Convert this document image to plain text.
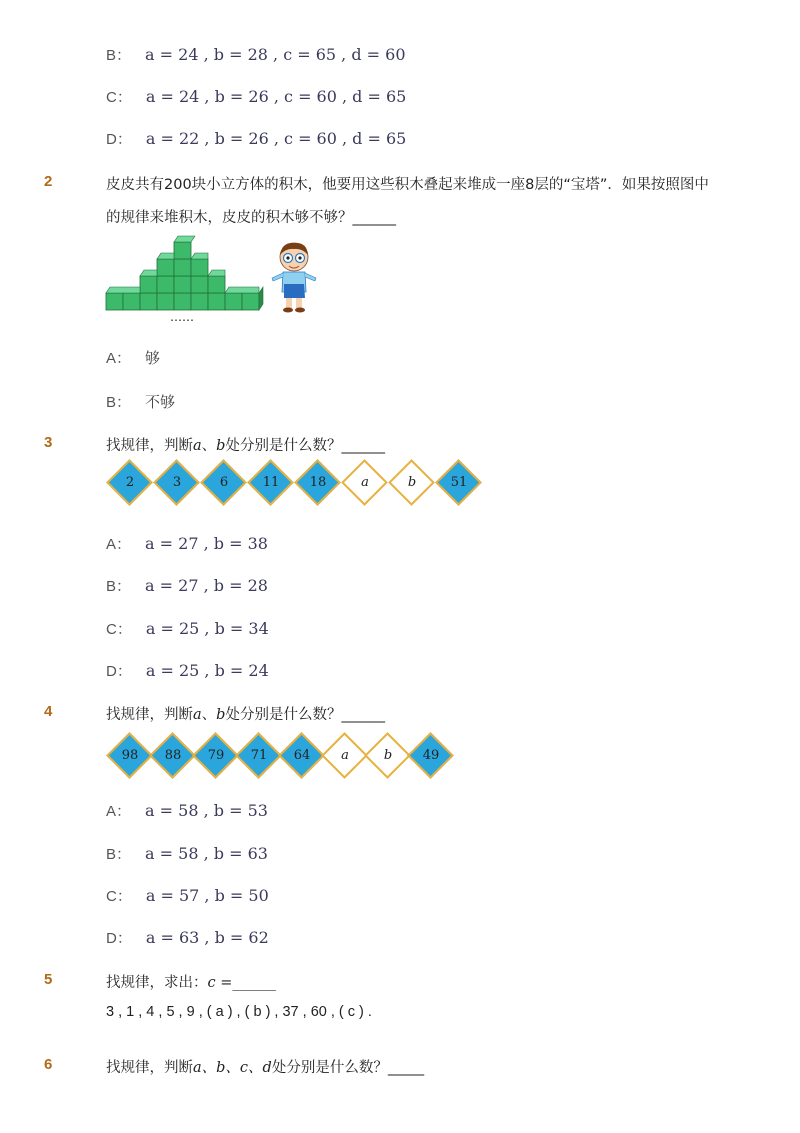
B： a = 24 , b = 28 , c = 65 , d = 60
C： a = 24 , b = 26 , c = 60 , d = 65
D： a = 22 , b = 26 , c = 60 , d = 65
2	皮皮共有200块小立方体的积木，他要用这些积木叠起来堆成一座8层的“宝塔”．如果按照图中
的规律来堆积木，皮皮的积木够不够？______
……
A： 够
B： 不够
3	找规律，判断a、b处分别是什么数？______
2	3	6	11	18	a	b	51
A： a = 27 , b = 38
B： a = 27 , b = 28
C： a = 25 , b = 34
D： a = 25 , b = 24
4	找规律，判断a、b处分别是什么数？______
98	88	79	71	64	a	b	49
A： a = 58 , b = 53
B： a = 58 , b = 63
C： a = 57 , b = 50
D： a = 63 , b = 62
5	找规律，求出：c =______
3 , 1 , 4 , 5 , 9 , ( a ) , ( b ) , 37 , 60 , ( c ) .
6	找规律，判断a、b、c、d处分别是什么数？_____
